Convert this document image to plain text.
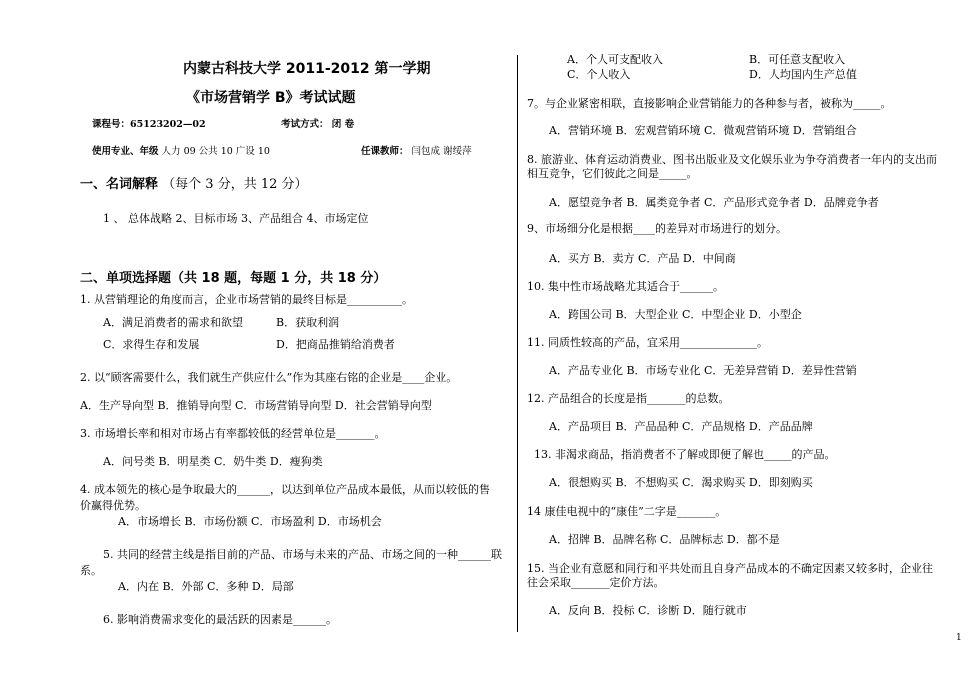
内蒙古科技大学 2011-2012 第一学期
《市场营销学 B》考试试题
课程号：65123202—02	考试方式： 闭 卷
使用专业、年级 人力 09 公共 10 广设 10	任课教师： 闫包成 谢绥萍
一、名词解释 （每个 3 分，共 12 分）
1 、 总体战略 2、目标市场 3、产品组合 4、市场定位
二、单项选择题（共 18 题，每题 1 分，共 18 分）
1. 从营销理论的角度而言，企业市场营销的最终目标是__________。
A．满足消费者的需求和欲望	B．获取利润
C．求得生存和发展	D．把商品推销给消费者
2. 以“顾客需要什么，我们就生产供应什么”作为其座右铭的企业是____企业。
A．生产导向型 B．推销导向型 C．市场营销导向型 D．社会营销导向型
3. 市场增长率和相对市场占有率都较低的经营单位是_______。
A．问号类 B．明星类 C．奶牛类 D．瘦狗类
4. 成本领先的核心是争取最大的______，以达到单位产品成本最低，从而以较低的售
价赢得优势。
A．市场增长 B．市场份额 C．市场盈利 D．市场机会
5. 共同的经营主线是指目前的产品、市场与未来的产品、市场之间的一种______联
系。
A．内在 B．外部 C．多种 D．局部
6. 影响消费需求变化的最活跃的因素是______。
A．个人可支配收入	B．可任意支配收入
C．个人收入	D．人均国内生产总值
7。与企业紧密相联，直接影响企业营销能力的各种参与者，被称为_____。
A．营销环境 B．宏观营销环境 C．微观营销环境 D．营销组合
8. 旅游业、体育运动消费业、图书出版业及文化娱乐业为争夺消费者一年内的支出而
相互竞争，它们彼此之间是_____。
A．愿望竞争者 B．属类竞争者 C．产品形式竞争者 D．品牌竞争者
9、市场细分化是根据____的差异对市场进行的划分。
A．买方 B．卖方 C．产品 D．中间商
10. 集中性市场战略尤其适合于______。
A．跨国公司 B．大型企业 C．中型企业 D．小型企
11. 同质性较高的产品，宜采用______________。
A．产品专业化 B．市场专业化 C．无差异营销 D．差异性营销
12. 产品组合的长度是指_______的总数。
A．产品项目 B．产品品种 C．产品规格 D．产品品牌
13. 非渴求商品，指消费者不了解或即便了解也_____的产品。
A．很想购买 B．不想购买 C．渴求购买 D．即刻购买
14 康佳电视中的“康佳”二字是_______。
A．招牌 B．品牌名称 C．品牌标志 D．都不是
15. 当企业有意愿和同行和平共处而且自身产品成本的不确定因素又较多时，企业往
往会采取_______定价方法。
A．反向 B．投标 C．诊断 D．随行就市
1
